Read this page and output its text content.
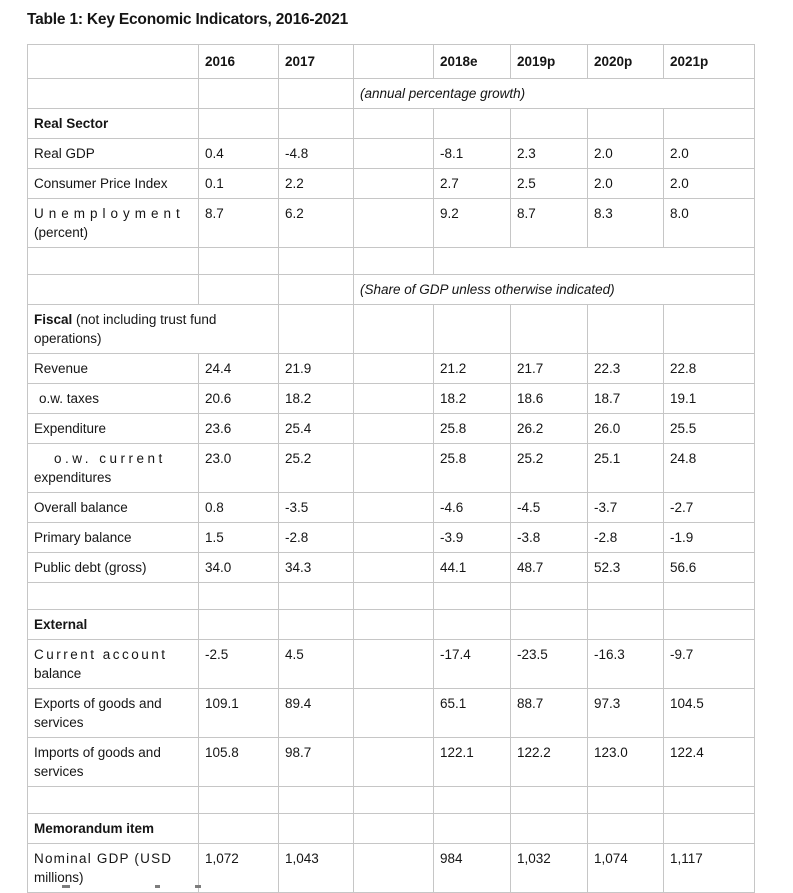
Table 1: Key Economic Indicators, 2016-2021
	2016	2017		2018e	2019p	2020p	2021p
			(annual percentage growth)				
Real Sector							
Real GDP	0.4	-4.8		-8.1	2.3	2.0	2.0
Consumer Price Index	0.1	2.2		2.7	2.5	2.0	2.0
Unemployment (percent)	8.7	6.2		9.2	8.7	8.3	8.0

			(Share of GDP unless otherwise indicated)				
Fiscal (not including trust fund operations)							
Revenue	24.4	21.9		21.2	21.7	22.3	22.8
o.w. taxes	20.6	18.2		18.2	18.6	18.7	19.1
Expenditure	23.6	25.4		25.8	26.2	26.0	25.5
o.w. current expenditures	23.0	25.2		25.8	25.2	25.1	24.8
Overall balance	0.8	-3.5		-4.6	-4.5	-3.7	-2.7
Primary balance	1.5	-2.8		-3.9	-3.8	-2.8	-1.9
Public debt (gross)	34.0	34.3		44.1	48.7	52.3	56.6

External							
Current account balance	-2.5	4.5		-17.4	-23.5	-16.3	-9.7
Exports of goods and services	109.1	89.4		65.1	88.7	97.3	104.5
Imports of goods and services	105.8	98.7		122.1	122.2	123.0	122.4

Memorandum item							
Nominal GDP (USD millions)	1,072	1,043		984	1,032	1,074	1,117
